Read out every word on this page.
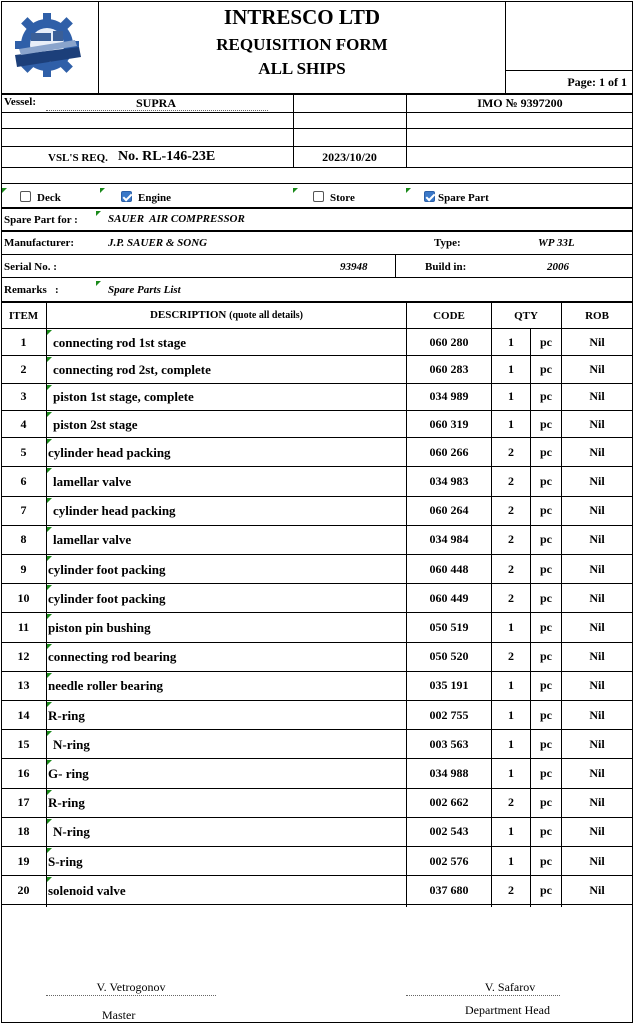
INTRESCO LTD
REQUISITION FORM
ALL SHIPS
Page: 1 of 1
Vessel:	SUPRA	IMO № 9397200
VSL'S REQ. No. RL-146-23E	2023/10/20
Deck	Engine	Store	Spare Part
Spare Part for :	SAUER  AIR COMPRESSOR
Manufacturer:	J.P. SAUER & SONG	Type:	WP 33L
Serial No. :	93948	Build in:	2006
Remarks   :	Spare Parts List
ITEM	DESCRIPTION (quote all details)	CODE	QTY	ROB
1	connecting rod 1st stage	060 280	1	pc	Nil
2	connecting rod 2st, complete	060 283	1	pc	Nil
3	piston 1st stage, complete	034 989	1	pc	Nil
4	piston 2st stage	060 319	1	pc	Nil
5	cylinder head packing	060 266	2	pc	Nil
6	lamellar valve	034 983	2	pc	Nil
7	cylinder head packing	060 264	2	pc	Nil
8	lamellar valve	034 984	2	pc	Nil
9	cylinder foot packing	060 448	2	pc	Nil
10	cylinder foot packing	060 449	2	pc	Nil
11	piston pin bushing	050 519	1	pc	Nil
12	connecting rod bearing	050 520	2	pc	Nil
13	needle roller bearing	035 191	1	pc	Nil
14	R-ring	002 755	1	pc	Nil
15	N-ring	003 563	1	pc	Nil
16	G- ring	034 988	1	pc	Nil
17	R-ring	002 662	2	pc	Nil
18	N-ring	002 543	1	pc	Nil
19	S-ring	002 576	1	pc	Nil
20	solenoid valve	037 680	2	pc	Nil
V. Vetrogonov
Master
V. Safarov
Department Head
